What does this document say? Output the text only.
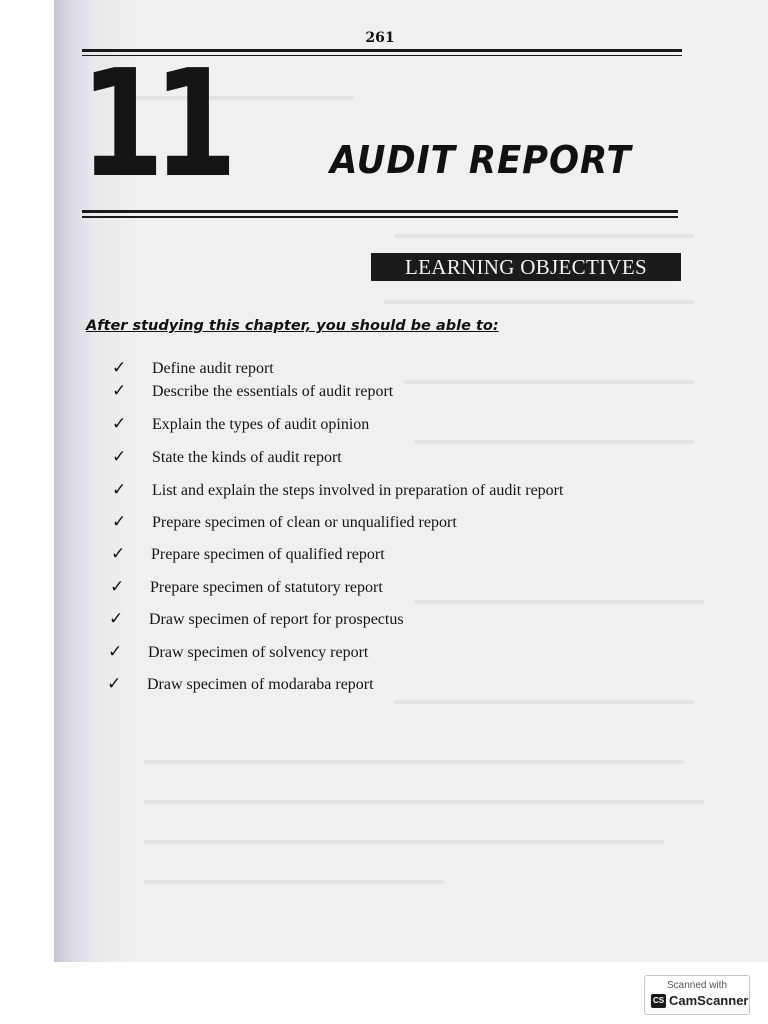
261
11	AUDIT REPORT
LEARNING OBJECTIVES
After studying this chapter, you should be able to:
✓ Define audit report
✓ Describe the essentials of audit report
✓ Explain the types of audit opinion
✓ State the kinds of audit report
✓ List and explain the steps involved in preparation of audit report
✓ Prepare specimen of clean or unqualified report
✓ Prepare specimen of qualified report
✓ Prepare specimen of statutory report
✓ Draw specimen of report for prospectus
✓ Draw specimen of solvency report
✓ Draw specimen of modaraba report
Scanned with
CS CamScanner
